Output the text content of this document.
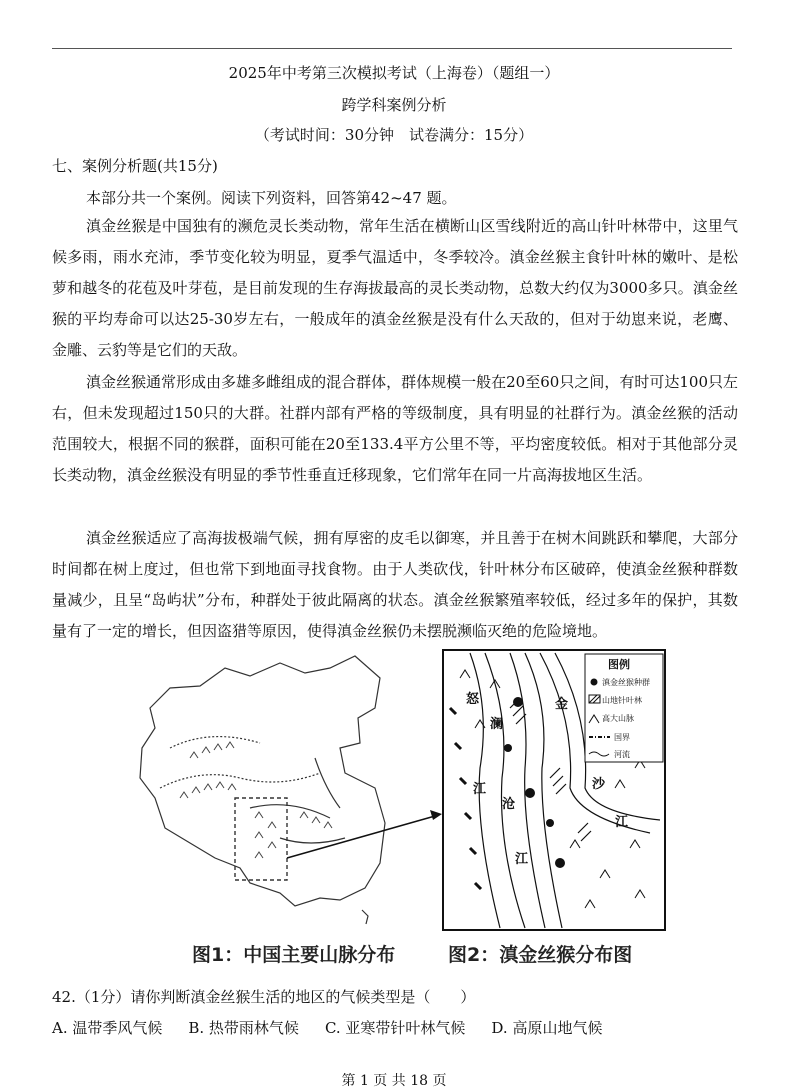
2025年中考第三次模拟考试（上海卷）（题组一）
跨学科案例分析
（考试时间：30分钟　试卷满分：15分）
七、案例分析题(共15分)
本部分共一个案例。阅读下列资料，回答第42~47 题。

滇金丝猴是中国独有的濒危灵长类动物，常年生活在横断山区雪线附近的高山针叶林带中，这里气候多雨，雨水充沛，季节变化较为明显，夏季气温适中，冬季较冷。滇金丝猴主食针叶林的嫩叶、是松萝和越冬的花苞及叶芽苞，是目前发现的生存海拔最高的灵长类动物，总数大约仅为3000多只。滇金丝猴的平均寿命可以达25-30岁左右，一般成年的滇金丝猴是没有什么天敌的，但对于幼崽来说，老鹰、金雕、云豹等是它们的天敌。

滇金丝猴通常形成由多雄多雌组成的混合群体，群体规模一般在20至60只之间，有时可达100只左右，但未发现超过150只的大群。社群内部有严格的等级制度，具有明显的社群行为。滇金丝猴的活动范围较大，根据不同的猴群，面积可能在20至133.4平方公里不等，平均密度较低。相对于其他部分灵长类动物，滇金丝猴没有明显的季节性垂直迁移现象，它们常年在同一片高海拔地区生活。

滇金丝猴适应了高海拔极端气候，拥有厚密的皮毛以御寒，并且善于在树木间跳跃和攀爬，大部分时间都在树上度过，但也常下到地面寻找食物。由于人类砍伐，针叶林分布区破碎，使滇金丝猴种群数量减少，且呈“岛屿状”分布，种群处于彼此隔离的状态。滇金丝猴繁殖率较低，经过多年的保护，其数量有了一定的增长，但因盗猎等原因，使得滇金丝猴仍未摆脱濒临灭绝的危险境地。

怒
澜
江
沧
江
金
沙
江
图例
滇金丝猴种群
山地针叶林
高大山脉
国界
河流
图1：中国主要山脉分布	图2：滇金丝猴分布图
42.（1分）请你判断滇金丝猴生活的地区的气候类型是（　　）
A. 温带季风气候 B. 热带雨林气候 C. 亚寒带针叶林气候 D. 高原山地气候
第 1 页 共 18 页
